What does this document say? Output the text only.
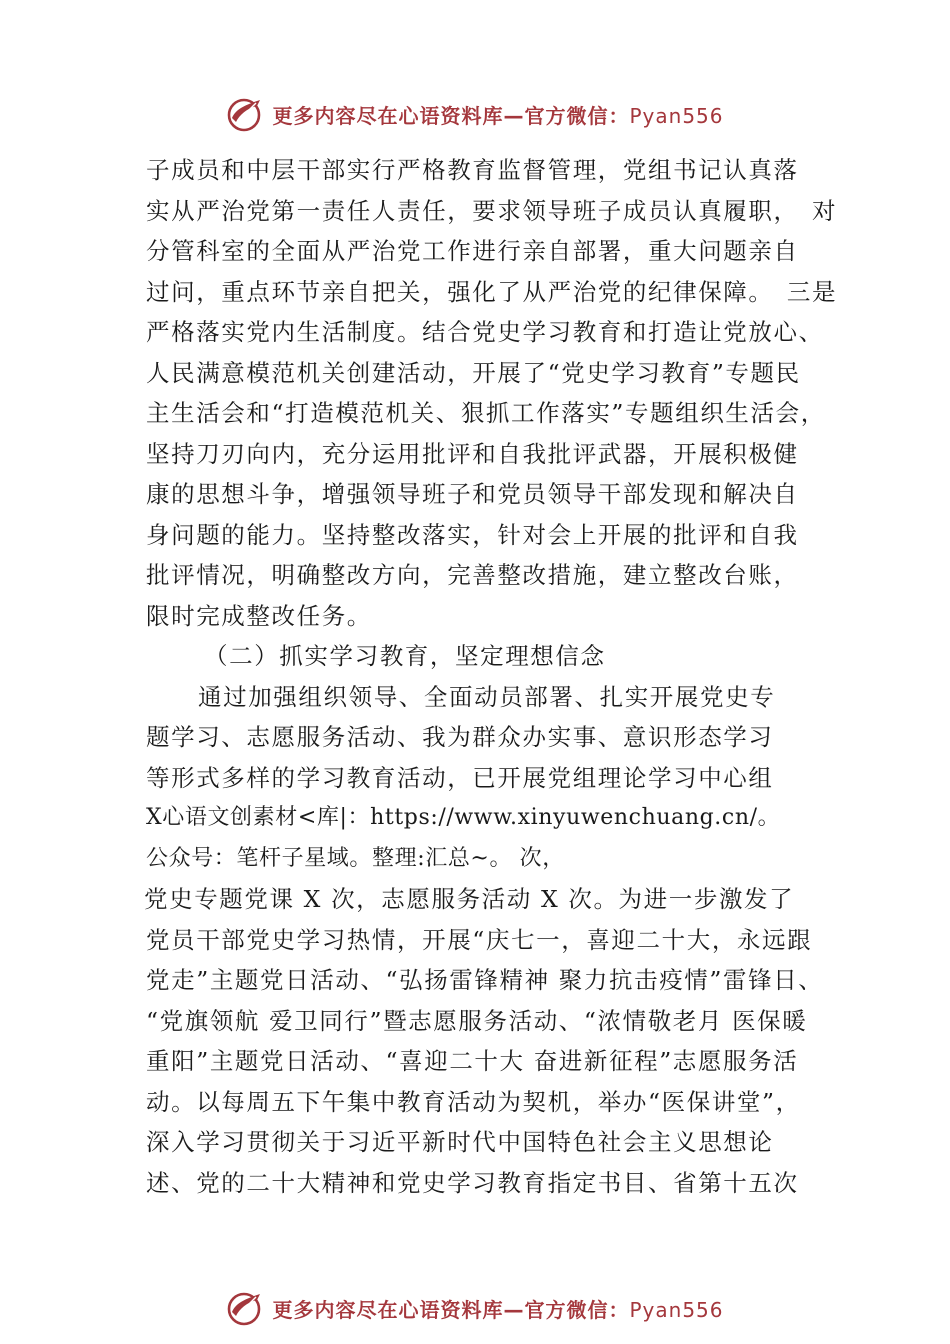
更多内容尽在心语资料库—官方微信：Pyan556
子成员和中层干部实行严格教育监督管理，党组书记认真落
实从严治党第一责任人责任，要求领导班子成员认真履职，　对
分管科室的全面从严治党工作进行亲自部署，重大问题亲自
过问，重点环节亲自把关，强化了从严治党的纪律保障。　三是
严格落实党内生活制度。结合党史学习教育和打造让党放心、
人民满意模范机关创建活动，开展了“党史学习教育”专题民
主生活会和“打造模范机关、狠抓工作落实”专题组织生活会，
坚持刀刃向内，充分运用批评和自我批评武器，开展积极健
康的思想斗争，增强领导班子和党员领导干部发现和解决自
身问题的能力。坚持整改落实，针对会上开展的批评和自我
批评情况，明确整改方向，完善整改措施，建立整改台账，
限时完成整改任务。
（二）抓实学习教育，坚定理想信念
通过加强组织领导、全面动员部署、扎实开展党史专
题学习、志愿服务活动、我为群众办实事、意识形态学习
等形式多样的学习教育活动，已开展党组理论学习中心组
X心语文创素材<库|：https://www.xinyuwenchuang.cn/。
公众号：笔杆子星域。整理:汇总~。 次，
党史专题党课 X 次，志愿服务活动 X 次。为进一步激发了
党员干部党史学习热情，开展“庆七一，喜迎二十大，永远跟
党走”主题党日活动、“弘扬雷锋精神 聚力抗击疫情”雷锋日、
“党旗领航 爱卫同行”暨志愿服务活动、“浓情敬老月 医保暖
重阳”主题党日活动、“喜迎二十大 奋进新征程”志愿服务活
动。以每周五下午集中教育活动为契机，举办“医保讲堂”，
深入学习贯彻关于习近平新时代中国特色社会主义思想论
述、党的二十大精神和党史学习教育指定书目、省第十五次
更多内容尽在心语资料库—官方微信：Pyan556
